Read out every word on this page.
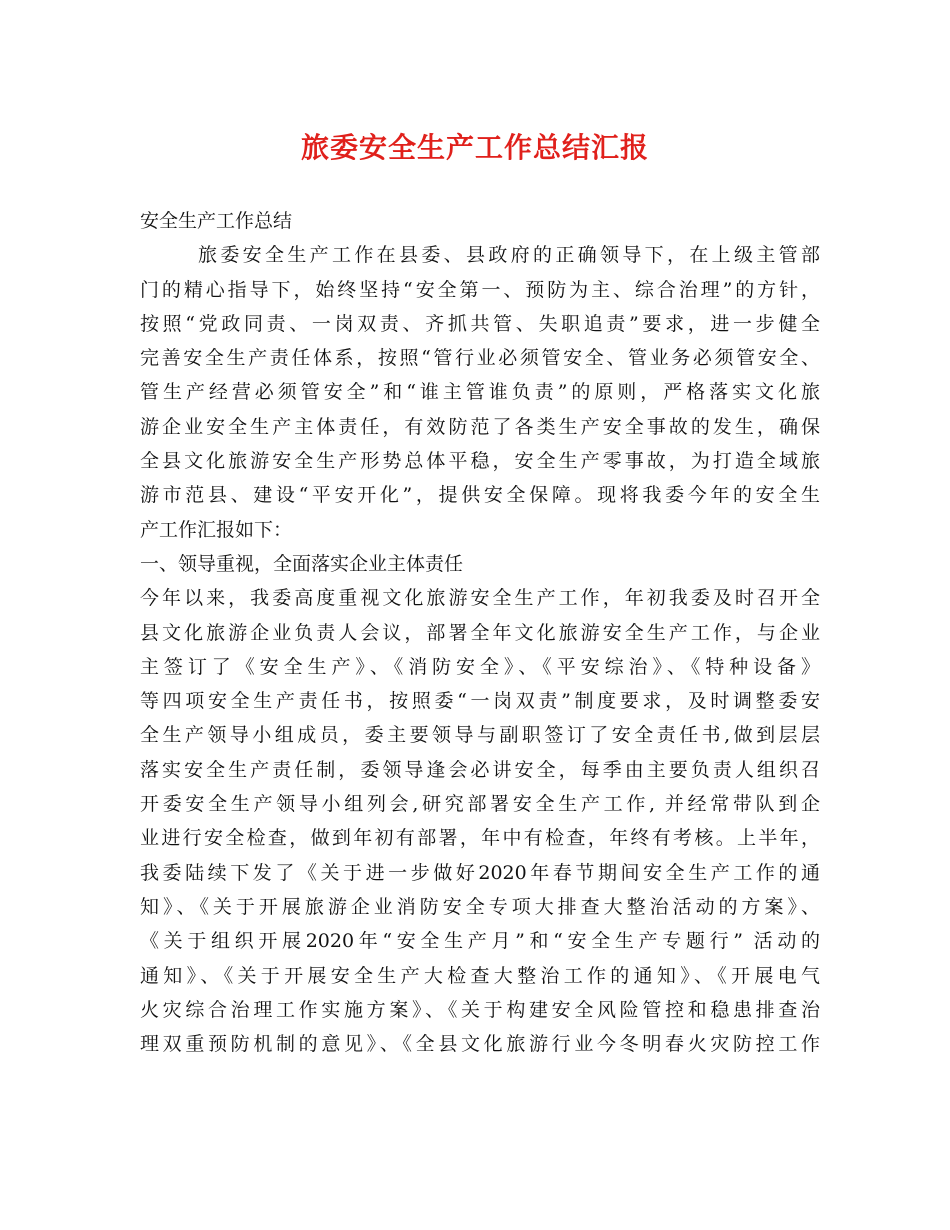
旅委安全生产工作总结汇报
安全生产工作总结
旅委安全生产工作在县委、县政府的正确领导下，在上级主管部
门的精心指导下，始终坚持“安全第一、预防为主、综合治理”的方针，
按照“党政同责、一岗双责、齐抓共管、失职追责”要求，进一步健全
完善安全生产责任体系，按照“管行业必须管安全、管业务必须管安全、
管生产经营必须管安全”和“谁主管谁负责”的原则，严格落实文化旅
游企业安全生产主体责任，有效防范了各类生产安全事故的发生，确保
全县文化旅游安全生产形势总体平稳，安全生产零事故，为打造全域旅
游市范县、建设“平安开化”，提供安全保障。现将我委今年的安全生
产工作汇报如下：
一、领导重视，全面落实企业主体责任
今年以来，我委高度重视文化旅游安全生产工作，年初我委及时召开全
县文化旅游企业负责人会议，部署全年文化旅游安全生产工作，与企业
主签订了《安全生产》、《消防安全》、《平安综治》、《特种设备》
等四项安全生产责任书，按照委“一岗双责”制度要求，及时调整委安
全生产领导小组成员，委主要领导与副职签订了安全责任书,做到层层
落实安全生产责任制，委领导逢会必讲安全，每季由主要负责人组织召
开委安全生产领导小组列会,研究部署安全生产工作, 并经常带队到企
业进行安全检查，做到年初有部署，年中有检查，年终有考核。上半年，
我委陆续下发了《关于进一步做好2020年春节期间安全生产工作的通
知》、《关于开展旅游企业消防安全专项大排查大整治活动的方案》、
《关于组织开展2020年“安全生产月”和“安全生产专题行” 活动的
通知》、《关于开展安全生产大检查大整治工作的通知》、《开展电气
火灾综合治理工作实施方案》、《关于构建安全风险管控和稳患排查治
理双重预防机制的意见》、《全县文化旅游行业今冬明春火灾防控工作
